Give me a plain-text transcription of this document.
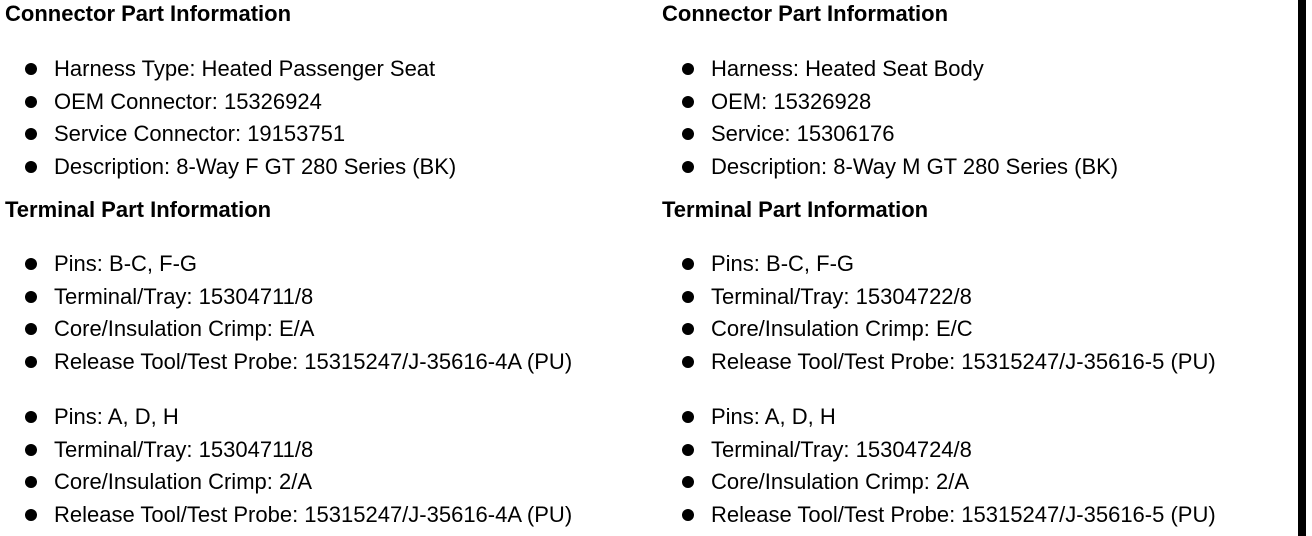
Connector Part Information
Harness Type: Heated Passenger Seat
OEM Connector: 15326924
Service Connector: 19153751
Description: 8-Way F GT 280 Series (BK)
Terminal Part Information
Pins: B-C, F-G
Terminal/Tray: 15304711/8
Core/Insulation Crimp: E/A
Release Tool/Test Probe: 15315247/J-35616-4A (PU)
Pins: A, D, H
Terminal/Tray: 15304711/8
Core/Insulation Crimp: 2/A
Release Tool/Test Probe: 15315247/J-35616-4A (PU)
Connector Part Information
Harness: Heated Seat Body
OEM: 15326928
Service: 15306176
Description: 8-Way M GT 280 Series (BK)
Terminal Part Information
Pins: B-C, F-G
Terminal/Tray: 15304722/8
Core/Insulation Crimp: E/C
Release Tool/Test Probe: 15315247/J-35616-5 (PU)
Pins: A, D, H
Terminal/Tray: 15304724/8
Core/Insulation Crimp: 2/A
Release Tool/Test Probe: 15315247/J-35616-5 (PU)
